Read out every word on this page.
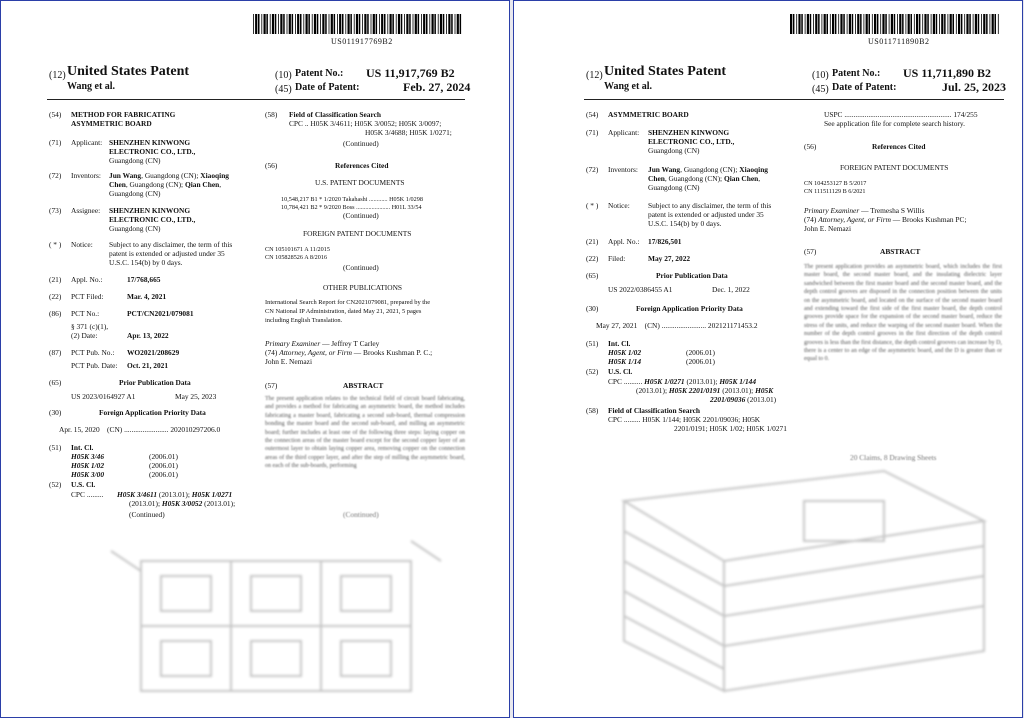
US011917769B2
(12) United States Patent
Wang et al.
(10) Patent No.: US 11,917,769 B2
(45) Date of Patent:	Feb. 27, 2024
(54) METHOD FOR FABRICATING
ASYMMETRIC BOARD
(71) Applicant: SHENZHEN KINWONG
ELECTRONIC CO., LTD.,
Guangdong (CN)
(72) Inventors: Jun Wang, Guangdong (CN); Xiaoqing
Chen, Guangdong (CN); Qian Chen,
Guangdong (CN)
(73) Assignee: SHENZHEN KINWONG
ELECTRONIC CO., LTD.,
Guangdong (CN)
( * ) Notice: Subject to any disclaimer, the term of this
patent is extended or adjusted under 35
U.S.C. 154(b) by 0 days.
(21) Appl. No.:	17/768,665
(22) PCT Filed:	Mar. 4, 2021
(86) PCT No.:	PCT/CN2021/079081
§ 371 (c)(1),
(2) Date:	Apr. 13, 2022
(87) PCT Pub. No.: WO2021/208629
PCT Pub. Date: Oct. 21, 2021
(65)	Prior Publication Data
US 2023/0164927 A1	May 25, 2023
(30)	Foreign Application Priority Data
Apr. 15, 2020 (CN) ........................ 202010297206.0
(51) Int. Cl.
H05K 3/46	(2006.01)
H05K 1/02	(2006.01)
H05K 3/00	(2006.01)
(52) U.S. Cl.
CPC ......... H05K 3/4611 (2013.01); H05K 1/0271
(2013.01); H05K 3/0052 (2013.01);
(Continued)
(58) Field of Classification Search
CPC .. H05K 3/4611; H05K 3/0052; H05K 3/0097;
H05K 3/4688; H05K 1/0271;
(Continued)
(56)	References Cited
U.S. PATENT DOCUMENTS
10,548,217 B1 * 1/2020 Takahashi ............ H05K 1/0298
10,784,421 B2 * 9/2020 Boss ...................... H01L 33/54
(Continued)
FOREIGN PATENT DOCUMENTS
CN 105101671 A 11/2015
CN 105828526 A 8/2016
(Continued)
OTHER PUBLICATIONS
International Search Report for CN2021079081, prepared by the
CN National IP Administration, dated May 21, 2021, 5 pages
including English Translation.
Primary Examiner — Jeffrey T Carley
(74) Attorney, Agent, or Firm — Brooks Kushman P. C.;
John E. Nemazi
(57)	ABSTRACT
The present application relates to the technical field of circuit board fabricating, and provides a method for fabricating an asymmetric board, the method includes fabricating a master board, fabricating a second sub-board, thermal compression bonding the master board and the second sub-board, and milling an asymmetric board; further includes at least one of the following three steps: laying copper on the connection areas of the master board except for the second copper layer of an outermost layer to obtain laying copper area, removing copper on the connection areas of the third copper layer, and after the step of milling the asymmetric board, on each of the sub-boards, performing
(Continued)
US011711890B2
(12) United States Patent
Wang et al.
(10) Patent No.: US 11,711,890 B2
(45) Date of Patent:	Jul. 25, 2023
(54) ASYMMETRIC BOARD
(71) Applicant: SHENZHEN KINWONG
ELECTRONIC CO., LTD.,
Guangdong (CN)
(72) Inventors: Jun Wang, Guangdong (CN); Xiaoqing
Chen, Guangdong (CN); Qian Chen,
Guangdong (CN)
( * ) Notice: Subject to any disclaimer, the term of this
patent is extended or adjusted under 35
U.S.C. 154(b) by 0 days.
(21) Appl. No.: 17/826,501
(22) Filed:	May 27, 2022
(65)	Prior Publication Data
US 2022/0386455 A1	Dec. 1, 2022
(30)	Foreign Application Priority Data
May 27, 2021 (CN) ........................ 202121171453.2
(51) Int. Cl.
H05K 1/02	(2006.01)
H05K 1/14	(2006.01)
(52) U.S. Cl.
CPC .......... H05K 1/0271 (2013.01); H05K 1/144
(2013.01); H05K 2201/0191 (2013.01); H05K
2201/09036 (2013.01)
(58) Field of Classification Search
CPC ......... H05K 1/144; H05K 2201/09036; H05K
2201/0191; H05K 1/02; H05K 1/0271
USPC .......................................................... 174/255
See application file for complete search history.
(56)	References Cited
FOREIGN PATENT DOCUMENTS
CN 104253127 B 5/2017
CN 111511129 B 6/2021
Primary Examiner — Tremesha S Willis
(74) Attorney, Agent, or Firm — Brooks Kushman PC;
John E. Nemazi
(57)	ABSTRACT
The present application provides an asymmetric board, which includes the first master board, the second master board, and the insulating dielectric layer sandwiched between the first master board and the second master board, and the depth control grooves are disposed in the connection position between the units on the asymmetric board, and located on the surface of the second master board and extending toward the first side of the first master board, the depth control grooves provide space for the expansion of the second master board, reduce the stress of the units, and reduce the warping of the second master board. When the number of the depth control grooves in the first direction of the depth control grooves is less than the first distance, the depth control grooves can increase by D, there is a center to an edge of the asymmetric board, and the D is greater than or equal to 0.
20 Claims, 8 Drawing Sheets
